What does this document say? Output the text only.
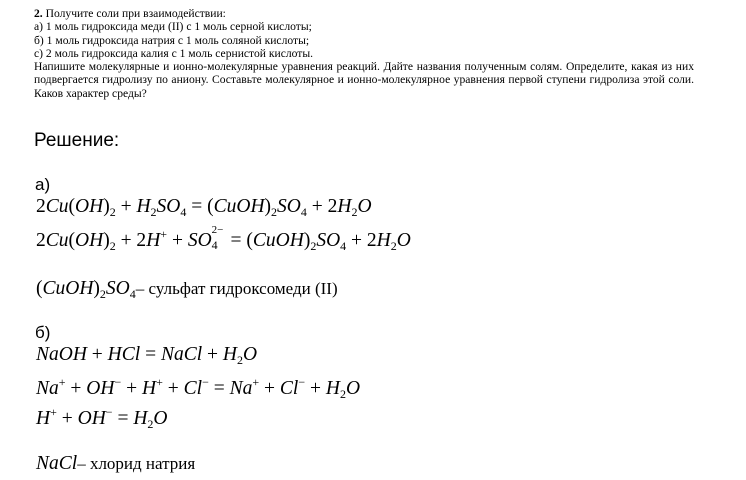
2. Получите соли при взаимодействии:
а) 1 моль гидроксида меди (II) с 1 моль серной кислоты;
б) 1 моль гидроксида натрия с 1 моль соляной кислоты;
с) 2 моль гидроксида калия с 1 моль сернистой кислоты.
Напишите молекулярные и ионно-молекулярные уравнения реакций. Дайте названия полученным солям. Определите, какая из них подвергается гидролизу по аниону. Составьте молекулярное и ионно-молекулярное уравнения первой ступени гидролиза этой соли. Каков характер среды?
Решение:
а)
$2Cu(OH)_2 + H_2SO_4$ = $(CuOH)_2SO_4 + 2H_2O$
$2Cu(OH)_2 + 2H^+$ + SO 2−
$4 = (CuOH)_2SO_4 + 2H_2O$
$(CuOH)_2SO_4-$ сульфат гидроксомеди (II)
б)
NaOH + HCl = NaCl + $H_2O$
$Na^+ + OH^- + H^+ + Cl^- = Na^+ + Cl^- + H_2O$
$H^+ + OH^- = H_2O$
NaCl– хлорид натрия
